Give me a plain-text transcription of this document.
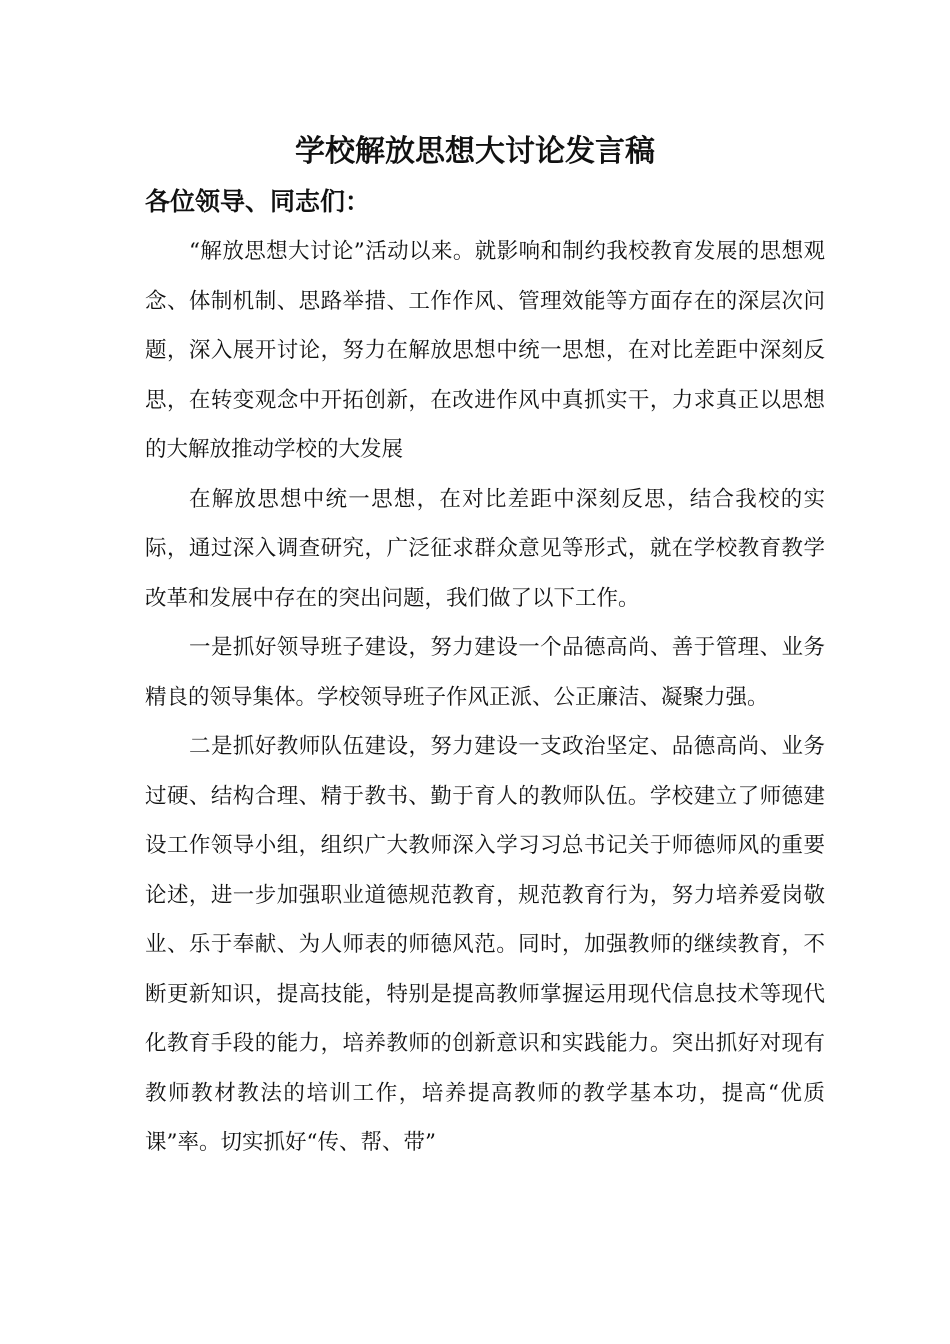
学校解放思想大讨论发言稿

各位领导、同志们：

“解放思想大讨论”活动以来。就影响和制约我校教育发展的思想观念、体制机制、思路举措、工作作风、管理效能等方面存在的深层次问题，深入展开讨论，努力在解放思想中统一思想，在对比差距中深刻反思，在转变观念中开拓创新，在改进作风中真抓实干，力求真正以思想的大解放推动学校的大发展

在解放思想中统一思想，在对比差距中深刻反思，结合我校的实际，通过深入调查研究，广泛征求群众意见等形式，就在学校教育教学改革和发展中存在的突出问题，我们做了以下工作。

一是抓好领导班子建设，努力建设一个品德高尚、善于管理、业务精良的领导集体。学校领导班子作风正派、公正廉洁、凝聚力强。

二是抓好教师队伍建设，努力建设一支政治坚定、品德高尚、业务过硬、结构合理、精于教书、勤于育人的教师队伍。学校建立了师德建设工作领导小组，组织广大教师深入学习习总书记关于师德师风的重要论述，进一步加强职业道德规范教育，规范教育行为，努力培养爱岗敬业、乐于奉献、为人师表的师德风范。同时，加强教师的继续教育，不断更新知识，提高技能，特别是提高教师掌握运用现代信息技术等现代化教育手段的能力，培养教师的创新意识和实践能力。突出抓好对现有教师教材教法的培训工作，培养提高教师的教学基本功，提高“优质课”率。切实抓好“传、帮、带”
